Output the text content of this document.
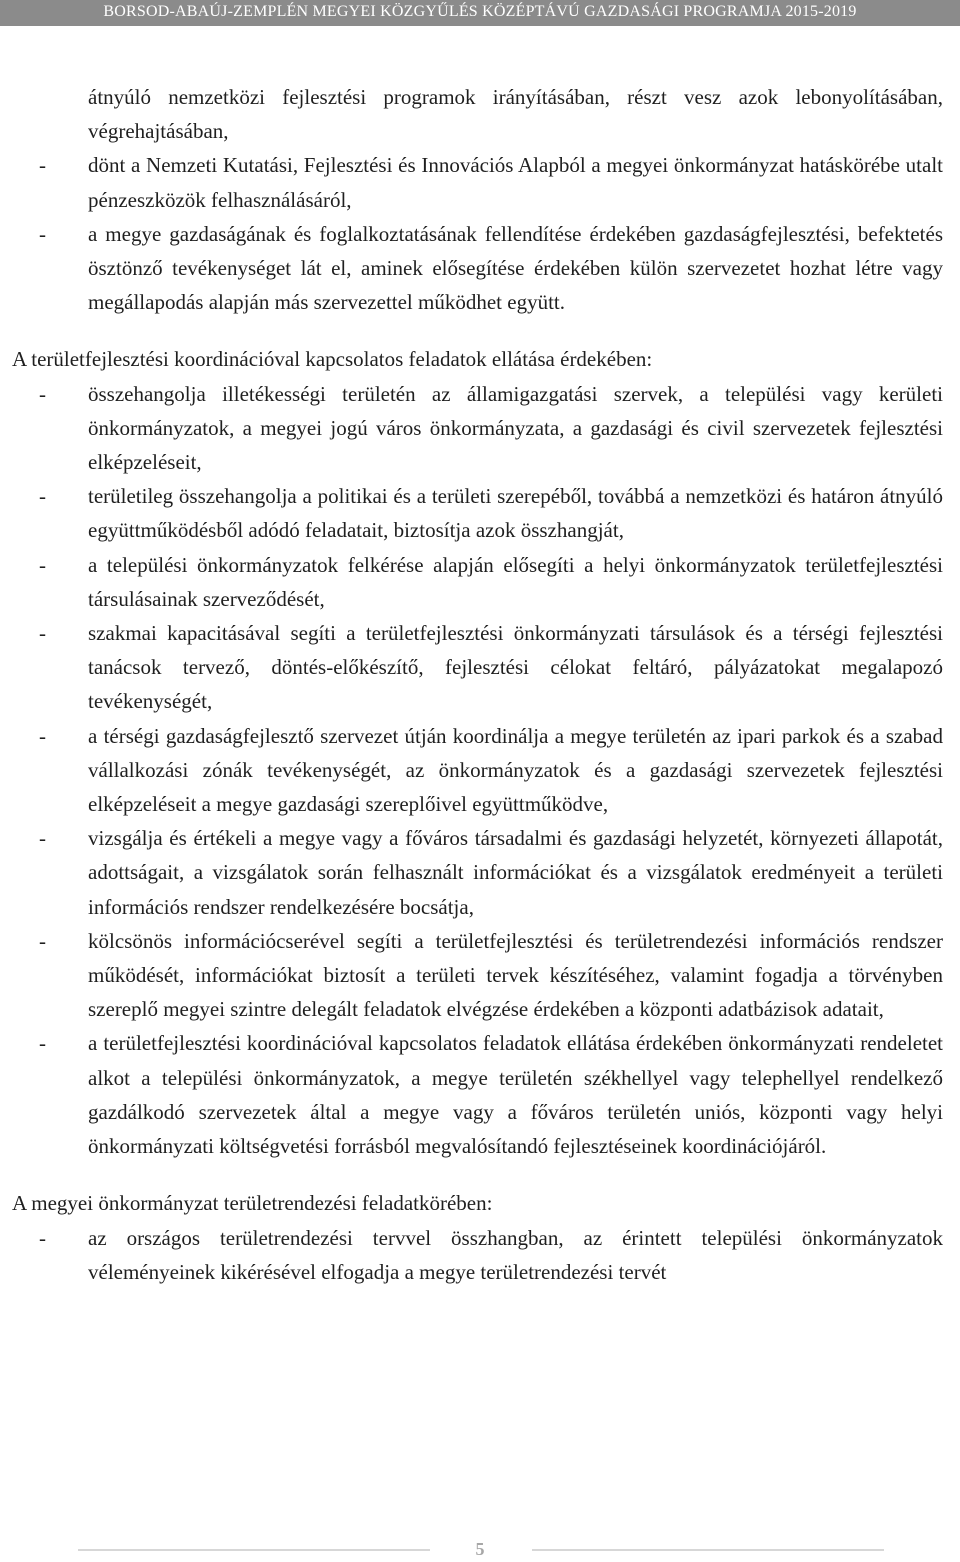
BORSOD-ABAÚJ-ZEMPLÉN MEGYEI KÖZGYŰLÉS KÖZÉPTÁVÚ GAZDASÁGI PROGRAMJA 2015-2019

átnyúló nemzetközi fejlesztési programok irányításában, részt vesz azok lebonyolításában, végrehajtásában,

- dönt a Nemzeti Kutatási, Fejlesztési és Innovációs Alapból a megyei önkormányzat hatáskörébe utalt pénzeszközök felhasználásáról,

- a megye gazdaságának és foglalkoztatásának fellendítése érdekében gazdaságfejlesztési, befektetés ösztönző tevékenységet lát el, aminek elősegítése érdekében külön szervezetet hozhat létre vagy megállapodás alapján más szervezettel működhet együtt.

A területfejlesztési koordinációval kapcsolatos feladatok ellátása érdekében:

- összehangolja illetékességi területén az államigazgatási szervek, a települési vagy kerületi önkormányzatok, a megyei jogú város önkormányzata, a gazdasági és civil szervezetek fejlesztési elképzeléseit,

- területileg összehangolja a politikai és a területi szerepéből, továbbá a nemzetközi és határon átnyúló együttműködésből adódó feladatait, biztosítja azok összhangját,

- a települési önkormányzatok felkérése alapján elősegíti a helyi önkormányzatok területfejlesztési társulásainak szerveződését,

- szakmai kapacitásával segíti a területfejlesztési önkormányzati társulások és a térségi fejlesztési tanácsok tervező, döntés-előkészítő, fejlesztési célokat feltáró, pályázatokat megalapozó tevékenységét,

- a térségi gazdaságfejlesztő szervezet útján koordinálja a megye területén az ipari parkok és a szabad vállalkozási zónák tevékenységét, az önkormányzatok és a gazdasági szervezetek fejlesztési elképzeléseit a megye gazdasági szereplőivel együttműködve,

- vizsgálja és értékeli a megye vagy a főváros társadalmi és gazdasági helyzetét, környezeti állapotát, adottságait, a vizsgálatok során felhasznált információkat és a vizsgálatok eredményeit a területi információs rendszer rendelkezésére bocsátja,

- kölcsönös információcserével segíti a területfejlesztési és területrendezési információs rendszer működését, információkat biztosít a területi tervek készítéséhez, valamint fogadja a törvényben szereplő megyei szintre delegált feladatok elvégzése érdekében a központi adatbázisok adatait,

- a területfejlesztési koordinációval kapcsolatos feladatok ellátása érdekében önkormányzati rendeletet alkot a települési önkormányzatok, a megye területén székhellyel vagy telephellyel rendelkező gazdálkodó szervezetek által a megye vagy a főváros területén uniós, központi vagy helyi önkormányzati költségvetési forrásból megvalósítandó fejlesztéseinek koordinációjáról.

A megyei önkormányzat területrendezési feladatkörében:

- az országos területrendezési tervvel összhangban, az érintett települési önkormányzatok véleményeinek kikérésével elfogadja a megye területrendezési tervét

5
